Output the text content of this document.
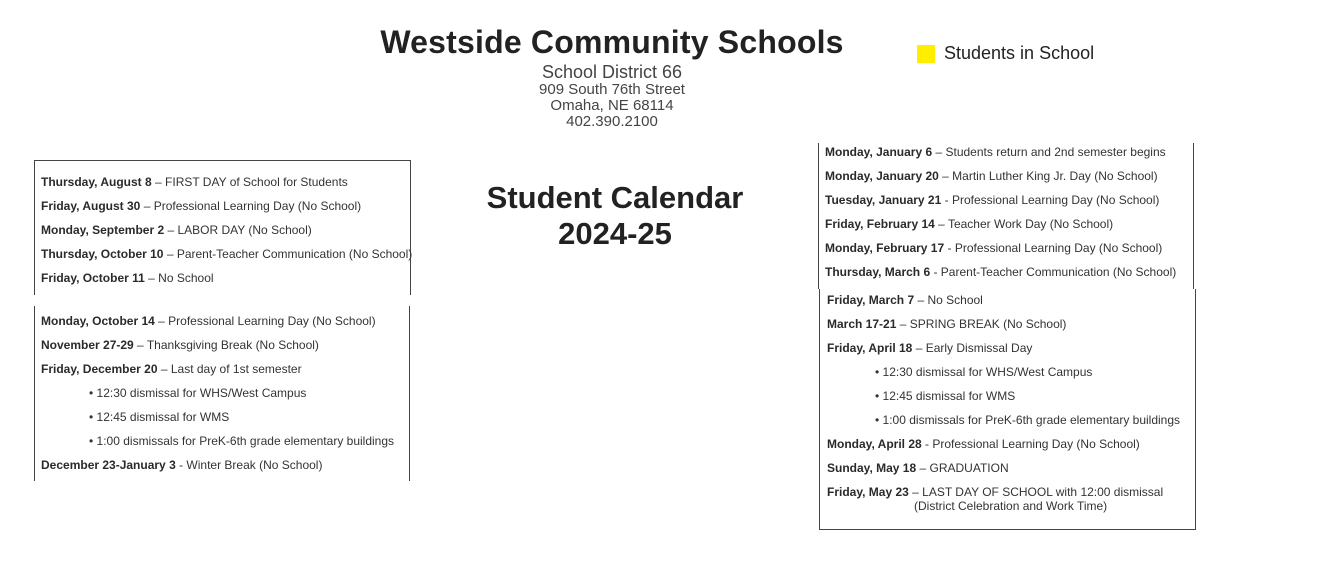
Westside Community Schools
School District 66
909 South 76th Street
Omaha, NE 68114
402.390.2100
Students in School
Student Calendar
2024-25
Thursday, August 8 – FIRST DAY of School for Students
Friday, August 30 – Professional Learning Day (No School)
Monday, September 2 – LABOR DAY (No School)
Thursday, October 10 – Parent-Teacher Communication (No School)
Friday, October 11 – No School
Monday, October 14 – Professional Learning Day (No School)
November 27-29 – Thanksgiving Break (No School)
Friday, December 20 – Last day of 1st semester
• 12:30 dismissal for WHS/West Campus
• 12:45 dismissal for WMS
• 1:00 dismissals for PreK-6th grade elementary buildings
December 23-January 3 - Winter Break (No School)
Monday, January 6 – Students return and 2nd semester begins
Monday, January 20 – Martin Luther King Jr. Day (No School)
Tuesday, January 21 - Professional Learning Day (No School)
Friday, February 14 – Teacher Work Day (No School)
Monday, February 17 - Professional Learning Day (No School)
Thursday, March 6 - Parent-Teacher Communication (No School)
Friday, March 7 – No School
March 17-21 – SPRING BREAK (No School)
Friday, April 18 – Early Dismissal Day
• 12:30 dismissal for WHS/West Campus
• 12:45 dismissal for WMS
• 1:00 dismissals for PreK-6th grade elementary buildings
Monday, April 28 - Professional Learning Day (No School)
Sunday, May 18 – GRADUATION
Friday, May 23 – LAST DAY OF SCHOOL with 12:00 dismissal
(District Celebration and Work Time)
